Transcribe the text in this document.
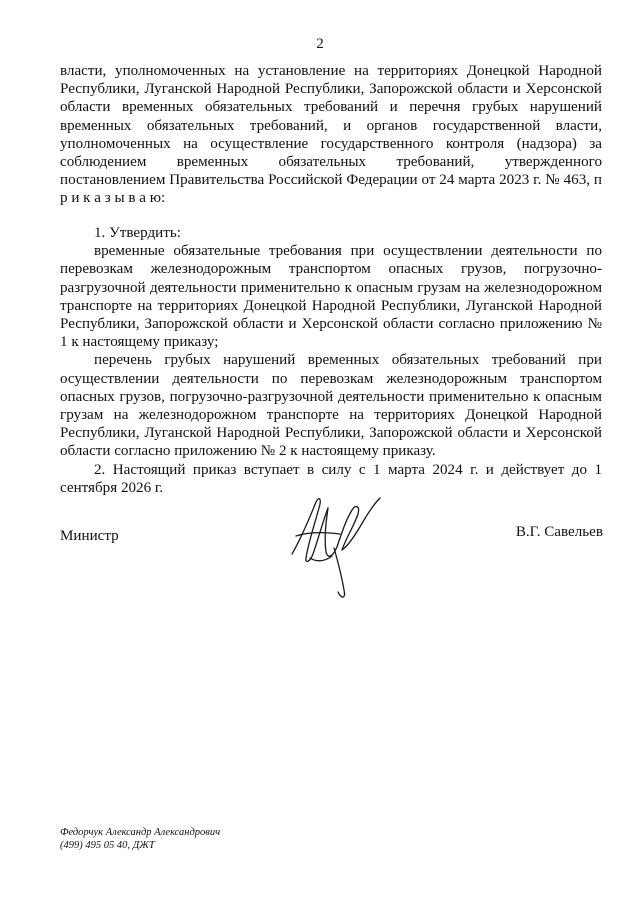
2

власти, уполномоченных на установление на территориях Донецкой Народной Республики, Луганской Народной Республики, Запорожской области и Херсонской области временных обязательных требований и перечня грубых нарушений временных обязательных требований, и органов государственной власти, уполномоченных на осуществление государственного контроля (надзора) за соблюдением временных обязательных требований, утвержденного постановлением Правительства Российской Федерации от 24 марта 2023 г. № 463, п р и к а з ы в а ю:

1. Утвердить:

временные обязательные требования при осуществлении деятельности по перевозкам железнодорожным транспортом опасных грузов, погрузочно-разгрузочной деятельности применительно к опасным грузам на железнодорожном транспорте на территориях Донецкой Народной Республики, Луганской Народной Республики, Запорожской области и Херсонской области согласно приложению № 1 к настоящему приказу;

перечень грубых нарушений временных обязательных требований при осуществлении деятельности по перевозкам железнодорожным транспортом опасных грузов, погрузочно-разгрузочной деятельности применительно к опасным грузам на железнодорожном транспорте на территориях Донецкой Народной Республики, Луганской Народной Республики, Запорожской области и Херсонской области согласно приложению № 2 к настоящему приказу.

2. Настоящий приказ вступает в силу с 1 марта 2024 г. и действует до 1 сентября 2026 г.

Министр	В.Г. Савельев
Федорчук Александр Александрович
(499) 495 05 40, ДЖТ
